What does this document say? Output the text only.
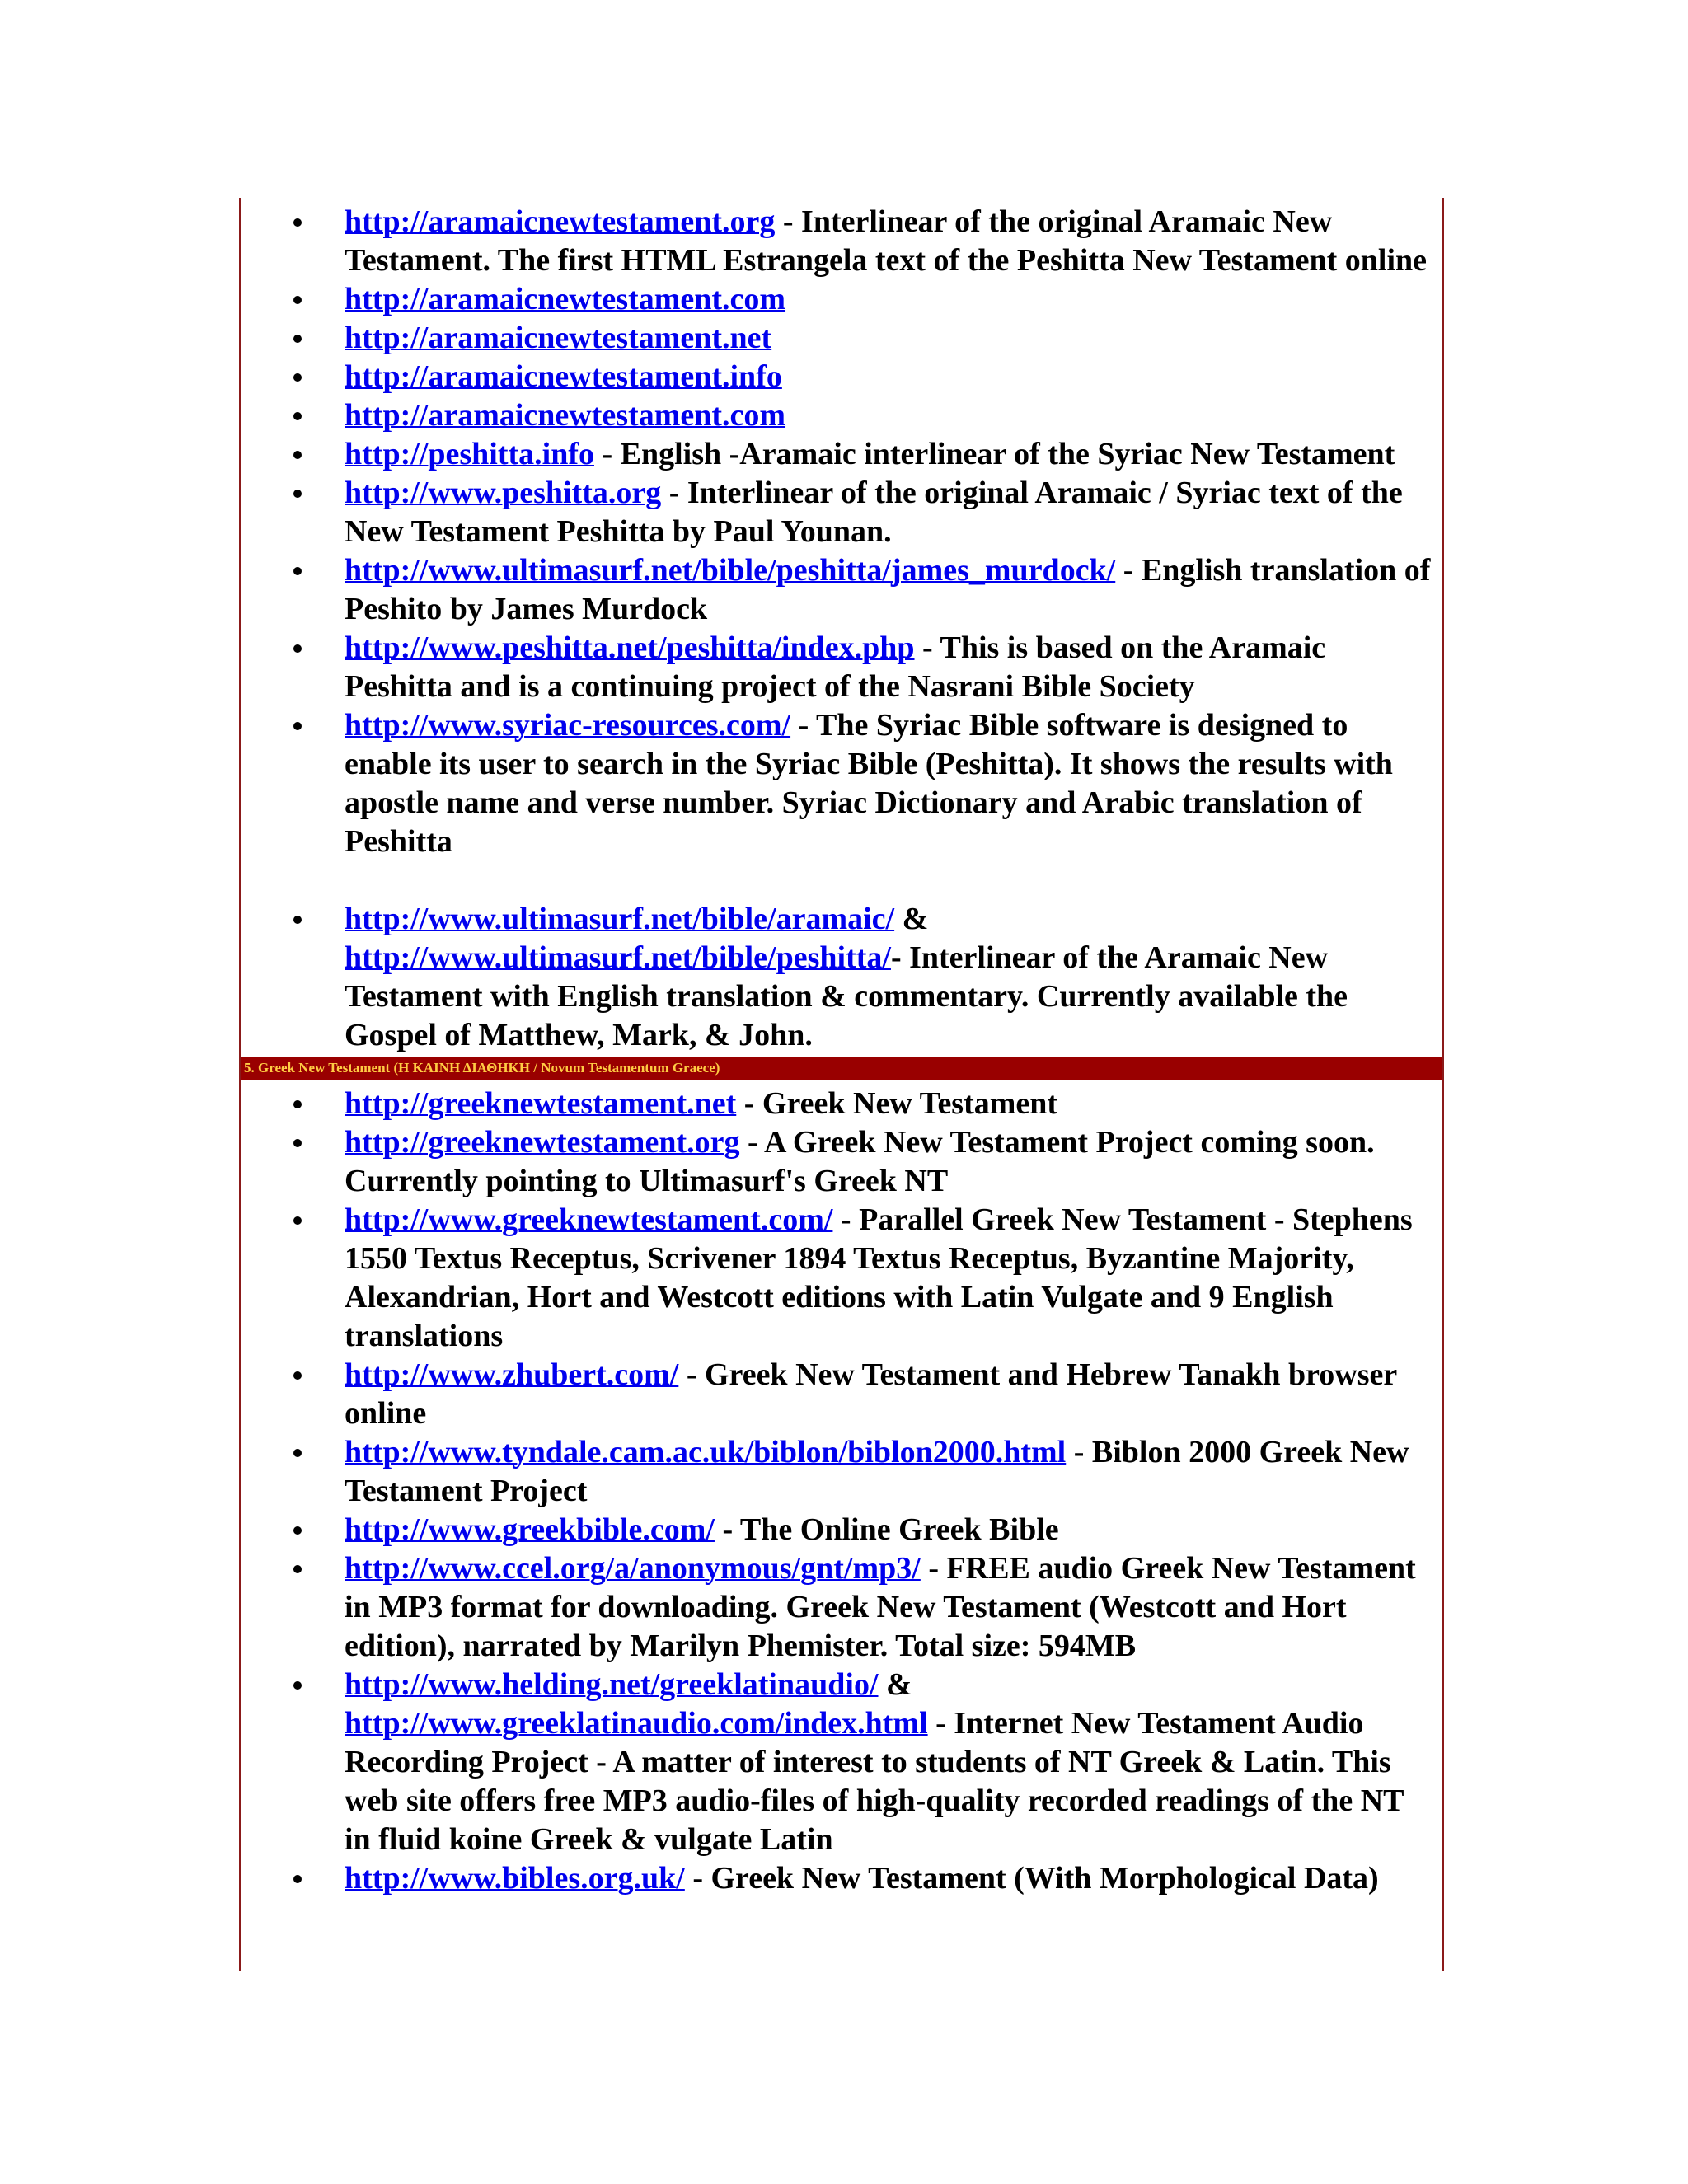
http://aramaicnewtestament.org - Interlinear of the original Aramaic New Testament. The first HTML Estrangela text of the Peshitta New Testament online
http://aramaicnewtestament.com
http://aramaicnewtestament.net
http://aramaicnewtestament.info
http://aramaicnewtestament.com
http://peshitta.info - English -Aramaic interlinear of the Syriac New Testament
http://www.peshitta.org - Interlinear of the original Aramaic / Syriac text of the New Testament Peshitta by Paul Younan.
http://www.ultimasurf.net/bible/peshitta/james_murdock/ - English translation of Peshito by James Murdock
http://www.peshitta.net/peshitta/index.php - This is based on the Aramaic Peshitta and is a continuing project of the Nasrani Bible Society
http://www.syriac-resources.com/ - The Syriac Bible software is designed to enable its user to search in the Syriac Bible (Peshitta). It shows the results with apostle name and verse number. Syriac Dictionary and Arabic translation of Peshitta
http://www.ultimasurf.net/bible/aramaic/ &
http://www.ultimasurf.net/bible/peshitta/- Interlinear of the Aramaic New Testament with English translation & commentary. Currently available the Gospel of Matthew, Mark, & John.
5. Greek New Testament (Η ΚΑΙΝΗ ΔΙΑΘΗΚΗ / Novum Testamentum Graece)
http://greeknewtestament.net - Greek New Testament
http://greeknewtestament.org - A Greek New Testament Project coming soon. Currently pointing to Ultimasurf's Greek NT
http://www.greeknewtestament.com/ - Parallel Greek New Testament - Stephens 1550 Textus Receptus, Scrivener 1894 Textus Receptus, Byzantine Majority, Alexandrian, Hort and Westcott editions with Latin Vulgate and 9 English translations
http://www.zhubert.com/ - Greek New Testament and Hebrew Tanakh browser online
http://www.tyndale.cam.ac.uk/biblon/biblon2000.html - Biblon 2000 Greek New Testament Project
http://www.greekbible.com/ - The Online Greek Bible
http://www.ccel.org/a/anonymous/gnt/mp3/ - FREE audio Greek New Testament in MP3 format for downloading. Greek New Testament (Westcott and Hort edition), narrated by Marilyn Phemister. Total size: 594MB
http://www.helding.net/greeklatinaudio/ &
http://www.greeklatinaudio.com/index.html - Internet New Testament Audio Recording Project - A matter of interest to students of NT Greek & Latin. This web site offers free MP3 audio-files of high-quality recorded readings of the NT in fluid koine Greek & vulgate Latin
http://www.bibles.org.uk/ - Greek New Testament (With Morphological Data)
